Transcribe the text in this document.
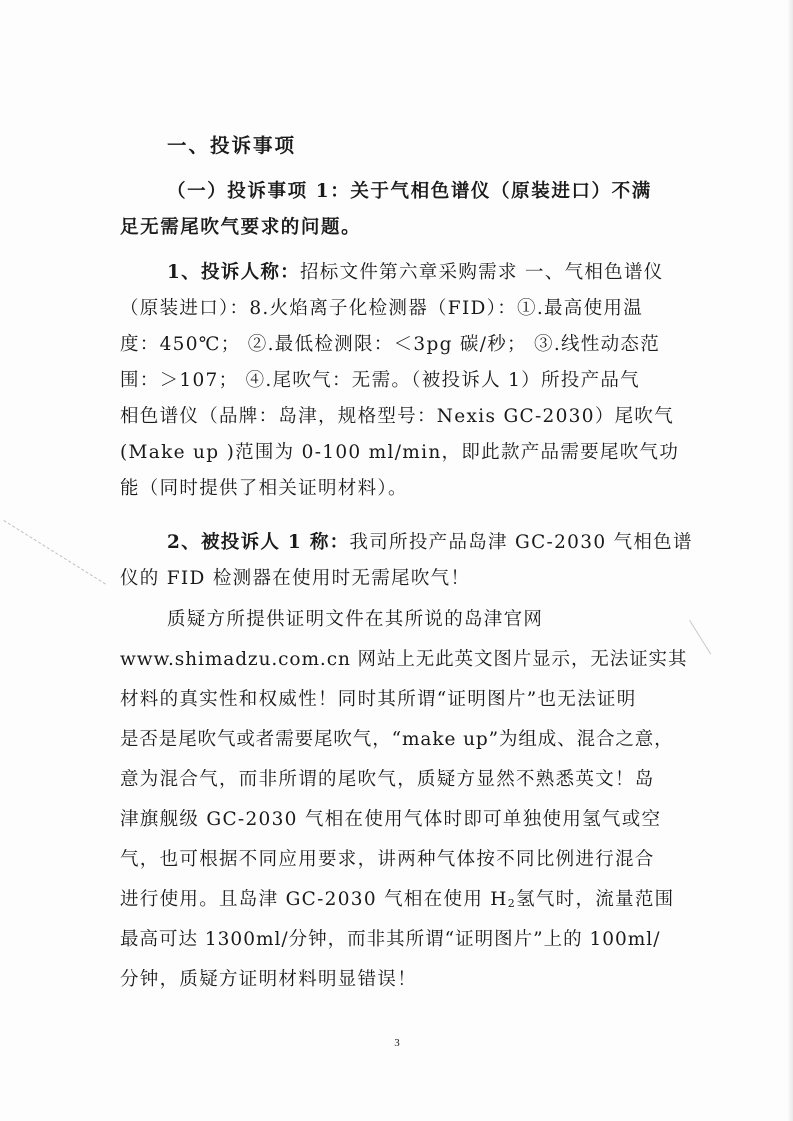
一、投诉事项
（一）投诉事项 1：关于气相色谱仪（原装进口）不满
足无需尾吹气要求的问题。
1、投诉人称：招标文件第六章采购需求 一、气相色谱仪
（原装进口）：8.火焰离子化检测器（FID）：①.最高使用温
度：450℃； ②.最低检测限：＜3pg 碳/秒； ③.线性动态范
围：＞107； ④.尾吹气：无需。（被投诉人 1）所投产品气
相色谱仪（品牌：岛津，规格型号：Nexis GC-2030）尾吹气
(Make up )范围为 0-100 ml/min，即此款产品需要尾吹气功
能（同时提供了相关证明材料）。
2、被投诉人 1 称：我司所投产品岛津 GC-2030 气相色谱
仪的 FID 检测器在使用时无需尾吹气！
质疑方所提供证明文件在其所说的岛津官网
www.shimadzu.com.cn 网站上无此英文图片显示，无法证实其
材料的真实性和权威性！同时其所谓“证明图片”也无法证明
是否是尾吹气或者需要尾吹气，“make up”为组成、混合之意，
意为混合气，而非所谓的尾吹气，质疑方显然不熟悉英文！岛
津旗舰级 GC-2030 气相在使用气体时即可单独使用氢气或空
气，也可根据不同应用要求，讲两种气体按不同比例进行混合
进行使用。且岛津 GC-2030 气相在使用 $H_2$氢气时，流量范围
最高可达 1300ml/分钟，而非其所谓“证明图片”上的 100ml/
分钟，质疑方证明材料明显错误！
3
